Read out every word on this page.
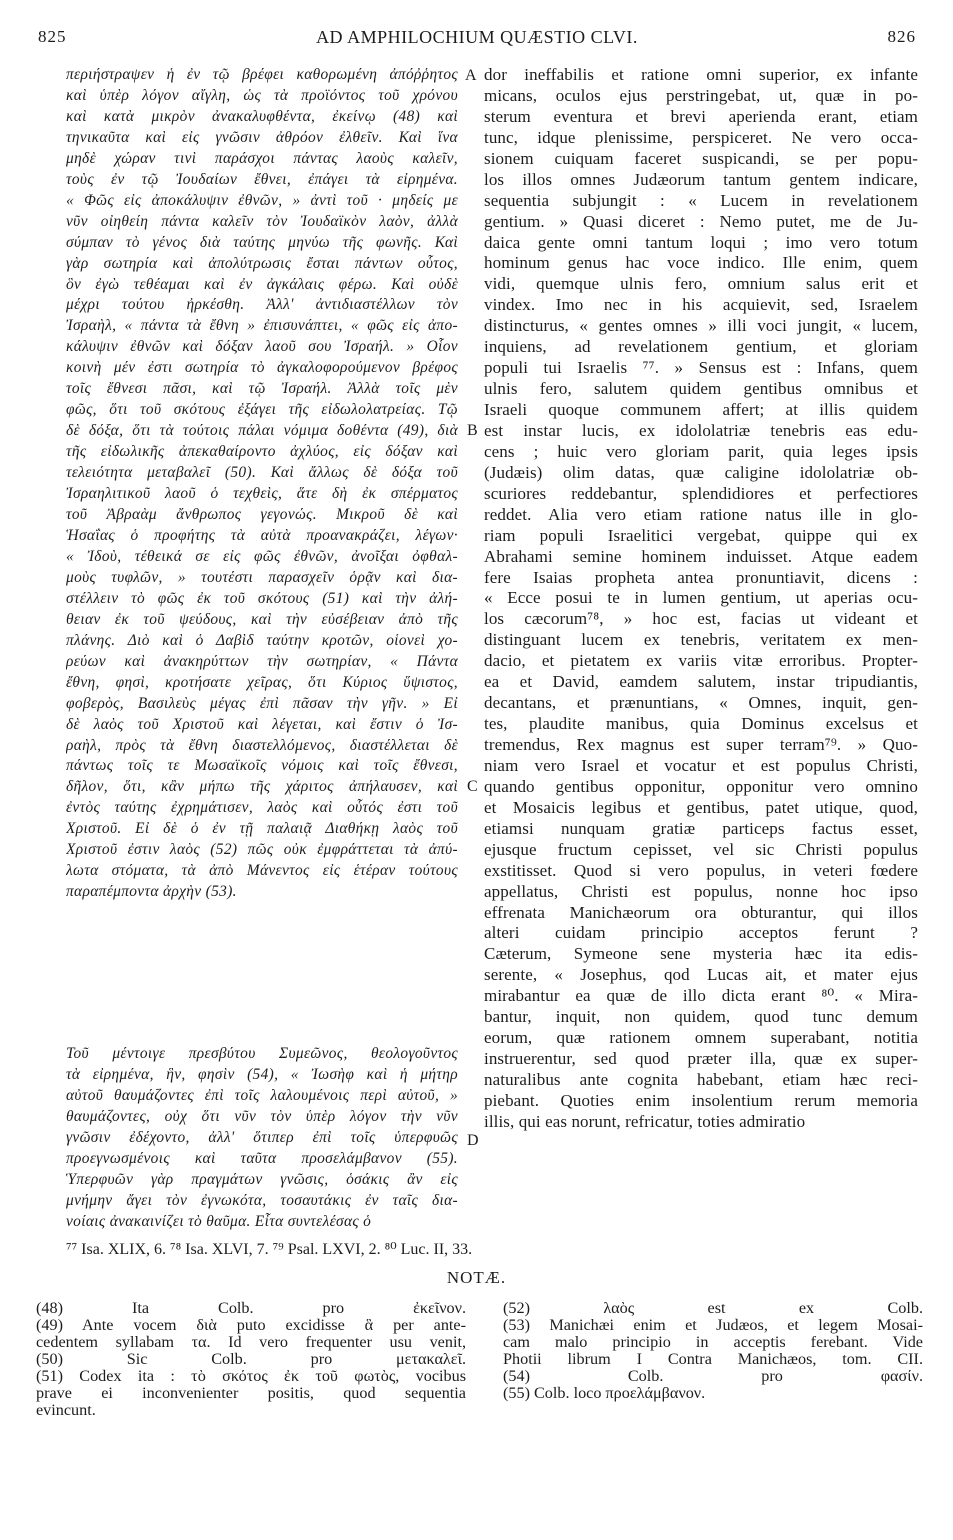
825	AD AMPHILOCHIUM QUÆSTIO CLVI.	826
περιήστραψεν ἡ ἐν τῷ βρέφει καθορωμένη ἀπόῤῥητος
καὶ ὑπὲρ λόγον αἴγλη, ὡς τὰ προϊόντος τοῦ χρόνου
καὶ κατὰ μικρὸν ἀνακαλυφθέντα, ἐκείνῳ (48) καὶ
τηνικαῦτα καὶ εἰς γνῶσιν ἀθρόον ἐλθεῖν. Καὶ ἵνα
μηδὲ χώραν τινὶ παράσχοι πάντας λαοὺς καλεῖν,
τοὺς ἐν τῷ Ἰουδαίων ἔθνει, ἐπάγει τὰ εἰρημένα.
« Φῶς εἰς ἀποκάλυψιν ἐθνῶν, » ἀντὶ τοῦ · μηδείς με
νῦν οἰηθείη πάντα καλεῖν τὸν Ἰουδαϊκὸν λαὸν, ἀλλὰ
σύμπαν τὸ γένος διὰ ταύτης μηνύω τῆς φωνῆς. Καὶ
γὰρ σωτηρία καὶ ἀπολύτρωσις ἔσται πάντων οὗτος,
ὃν ἐγὼ τεθέαμαι καὶ ἐν ἀγκάλαις φέρω. Καὶ οὐδὲ
μέχρι τούτου ἠρκέσθη. Ἀλλ' ἀντιδιαστέλλων τὸν
Ἰσραὴλ, « πάντα τὰ ἔθνη » ἐπισυνάπτει, « φῶς εἰς ἀπο-
κάλυψιν ἐθνῶν καὶ δόξαν λαοῦ σου Ἰσραήλ. » Οἷον
κοινὴ μέν ἐστι σωτηρία τὸ ἀγκαλοφορούμενον βρέφος
τοῖς ἔθνεσι πᾶσι, καὶ τῷ Ἰσραήλ. Ἀλλὰ τοῖς μὲν
φῶς, ὅτι τοῦ σκότους ἐξάγει τῆς εἰδωλολατρείας. Τῷ
δὲ δόξα, ὅτι τὰ τούτοις πάλαι νόμιμα δοθέντα (49), διὰ
τῆς εἰδωλικῆς ἀπεκαθαίροντο ἀχλύος, εἰς δόξαν καὶ
τελειότητα μεταβαλεῖ (50). Καὶ ἄλλως δὲ δόξα τοῦ
Ἰσραηλιτικοῦ λαοῦ ὁ τεχθεὶς, ἅτε δὴ ἐκ σπέρματος
τοῦ Ἀβραὰμ ἄνθρωπος γεγονώς. Μικροῦ δὲ καὶ
Ἡσαΐας ὁ προφήτης τὰ αὐτὰ προανακράζει, λέγων·
« Ἰδοὺ, τέθεικά σε εἰς φῶς ἐθνῶν, ἀνοῖξαι ὀφθαλ-
μοὺς τυφλῶν, » τουτέστι παρασχεῖν ὁρᾷν καὶ δια-
στέλλειν τὸ φῶς ἐκ τοῦ σκότους (51) καὶ τὴν ἀλή-
θειαν ἐκ τοῦ ψεύδους, καὶ τὴν εὐσέβειαν ἀπὸ τῆς
πλάνης. Διὸ καὶ ὁ Δαβὶδ ταύτην κροτῶν, οἱονεὶ χο-
ρεύων καὶ ἀνακηρύττων τὴν σωτηρίαν, « Πάντα
ἔθνη, φησὶ, κροτήσατε χεῖρας, ὅτι Κύριος ὕψιστος,
φοβερὸς, Βασιλεὺς μέγας ἐπὶ πᾶσαν τὴν γῆν. » Εἰ
δὲ λαὸς τοῦ Χριστοῦ καὶ λέγεται, καὶ ἔστιν ὁ Ἰσ-
ραὴλ, πρὸς τὰ ἔθνη διαστελλόμενος, διαστέλλεται δὲ
πάντως τοῖς τε Μωσαϊκοῖς νόμοις καὶ τοῖς ἔθνεσι,
δῆλον, ὅτι, κἂν μήπω τῆς χάριτος ἀπήλαυσεν, καὶ
ἐντὸς ταύτης ἐχρημάτισεν, λαὸς καὶ οὗτός ἐστι τοῦ
Χριστοῦ. Εἰ δὲ ὁ ἐν τῇ παλαιᾷ Διαθήκῃ λαὸς τοῦ
Χριστοῦ ἐστιν λαὸς (52) πῶς οὐκ ἐμφράττεται τὰ ἀπύ-
λωτα στόματα, τὰ ἀπὸ Μάνεντος εἰς ἑτέραν τούτους
παραπέμποντα ἀρχὴν (53).
Τοῦ μέντοιγε πρεσβύτου Συμεῶνος, θεολογοῦντος
τὰ εἰρημένα, ἣν, φησὶν (54), « Ἰωσὴφ καὶ ἡ μήτηρ
αὐτοῦ θαυμάζοντες ἐπὶ τοῖς λαλουμένοις περὶ αὐτοῦ, »
θαυμάζοντες, οὐχ ὅτι νῦν τὸν ὑπὲρ λόγον τὴν νῦν
γνῶσιν ἐδέχοντο, ἀλλ' ὅτιπερ ἐπὶ τοῖς ὑπερφυῶς
προεγνωσμένοις καὶ ταῦτα προσελάμβανον (55).
Ὑπερφυῶν γὰρ πραγμάτων γνῶσις, ὁσάκις ἂν εἰς
μνήμην ἄγει τὸν ἐγνωκότα, τοσαυτάκις ἐν ταῖς δια-
νοίαις ἀνακαινίζει τὸ θαῦμα. Εἶτα συντελέσας ὁ
dor ineffabilis et ratione omni superior, ex infante
micans, oculos ejus perstringebat, ut, quæ in po-
sterum eventura et brevi aperienda erant, etiam
tunc, idque plenissime, perspiceret. Ne vero occa-
sionem cuiquam faceret suspicandi, se per popu-
los illos omnes Judæorum tantum gentem indicare,
sequentia subjungit : « Lucem in revelationem
gentium. » Quasi diceret : Nemo putet, me de Ju-
daica gente omni tantum loqui ; imo vero totum
hominum genus hac voce indico. Ille enim, quem
vidi, quemque ulnis fero, omnium salus erit et
vindex. Imo nec in his acquievit, sed, Israelem
distincturus, « gentes omnes » illi voci jungit, « lucem,
inquiens, ad revelationem gentium, et gloriam
populi tui Israelis ⁷⁷. » Sensus est : Infans, quem
ulnis fero, salutem quidem gentibus omnibus et
Israeli quoque communem affert; at illis quidem
est instar lucis, ex idololatriæ tenebris eas edu-
cens ; huic vero gloriam parit, quia leges ipsis
(Judæis) olim datas, quæ caligine idololatriæ ob-
scuriores reddebantur, splendidiores et perfectiores
reddet. Alia vero etiam ratione natus ille in glo-
riam populi Israelitici vergebat, quippe qui ex
Abrahami semine hominem induisset. Atque eadem
fere Isaias propheta antea pronuntiavit, dicens :
« Ecce posui te in lumen gentium, ut aperias ocu-
los cæcorum⁷⁸, » hoc est, facias ut videant et
distinguant lucem ex tenebris, veritatem ex men-
dacio, et pietatem ex variis vitæ erroribus. Propter-
ea et David, eamdem salutem, instar tripudiantis,
decantans, et prænuntians, « Omnes, inquit, gen-
tes, plaudite manibus, quia Dominus excelsus et
tremendus, Rex magnus est super terram⁷⁹. » Quo-
niam vero Israel et vocatur et est populus Christi,
quando gentibus opponitur, opponitur vero omnino
et Mosaicis legibus et gentibus, patet utique, quod,
etiamsi nunquam gratiæ particeps factus esset,
ejusque fructum cepisset, vel sic Christi populus
exstitisset. Quod si vero populus, in veteri fœdere
appellatus, Christi est populus, nonne hoc ipso
effrenata Manichæorum ora obturantur, qui illos
alteri cuidam principio acceptos ferunt ?
Cæterum, Symeone sene mysteria hæc ita edis-
serente, « Josephus, qod Lucas ait, et mater ejus
mirabantur ea quæ de illo dicta erant ⁸⁰. « Mira-
bantur, inquit, non quidem, quod tunc demum
eorum, quæ rationem omnem superabant, notitia
instruerentur, sed quod præter illa, quæ ex super-
naturalibus ante cognita habebant, etiam hæc reci-
piebant. Quoties enim insolentium rerum memoria
illis, qui eas norunt, refricatur, toties admiratio
A
B
C
D
⁷⁷ Isa. XLIX, 6. ⁷⁸ Isa. XLVI, 7. ⁷⁹ Psal. LXVI, 2. ⁸⁰ Luc. II, 33.
NOTÆ.
(48) Ita Colb. pro ἐκεῖνον.
(49) Ante vocem διὰ puto excidisse ἃ per ante-
cedentem syllabam τα. Id vero frequenter usu venit,
(50) Sic Colb. pro μετακαλεῖ.
(51) Codex ita : τὸ σκότος ἐκ τοῦ φωτὸς, vocibus
prave ei inconvenienter positis, quod sequentia
evincunt.
(52) λαὸς est ex Colb.
(53) Manichæi enim et Judæos, et legem Mosai-
cam malo principio in acceptis ferebant. Vide
Photii librum I Contra Manichæos, tom. CII.
(54) Colb. pro φασίν.
(55) Colb. loco προελάμβανον.
